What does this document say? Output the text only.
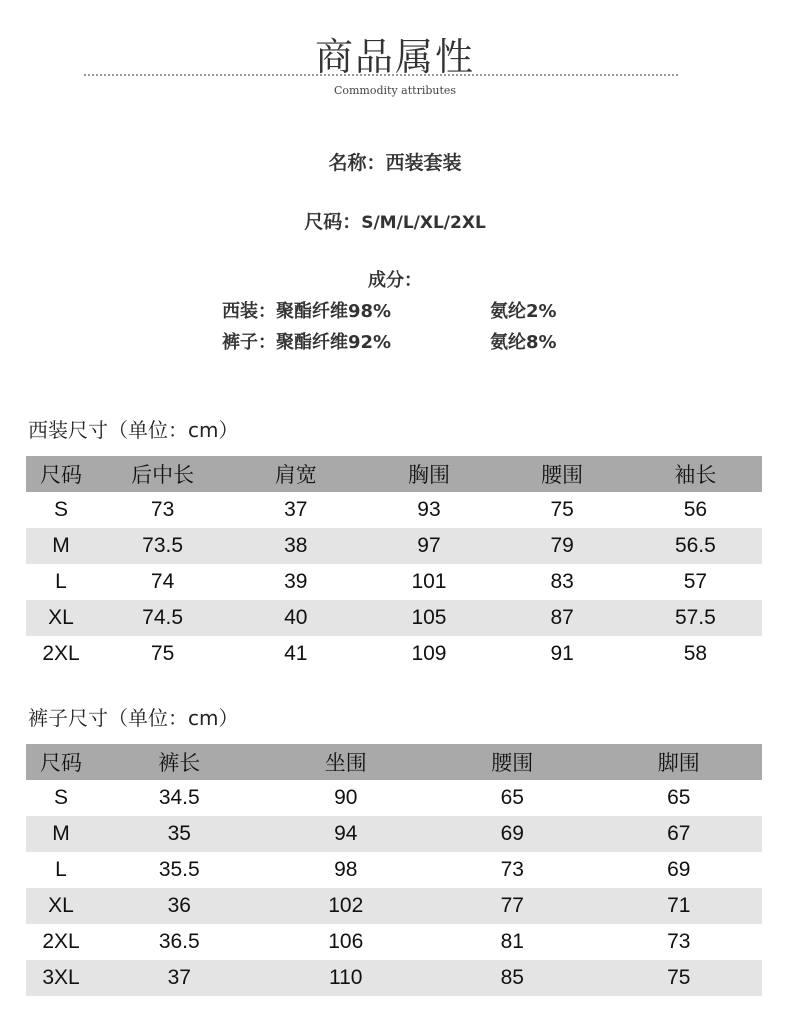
商品属性
Commodity attributes
名称：西装套装
尺码：S/M/L/XL/2XL
成分：
西装：聚酯纤维98%	氨纶2%
裤子：聚酯纤维92%	氨纶8%
西装尺寸（单位：cm）
尺码	后中长	肩宽	胸围	腰围	袖长
S	73	37	93	75	56
M	73.5	38	97	79	56.5
L	74	39	101	83	57
XL	74.5	40	105	87	57.5
2XL	75	41	109	91	58
裤子尺寸（单位：cm）
尺码	裤长	坐围	腰围	脚围
S	34.5	90	65	65
M	35	94	69	67
L	35.5	98	73	69
XL	36	102	77	71
2XL	36.5	106	81	73
3XL	37	110	85	75
